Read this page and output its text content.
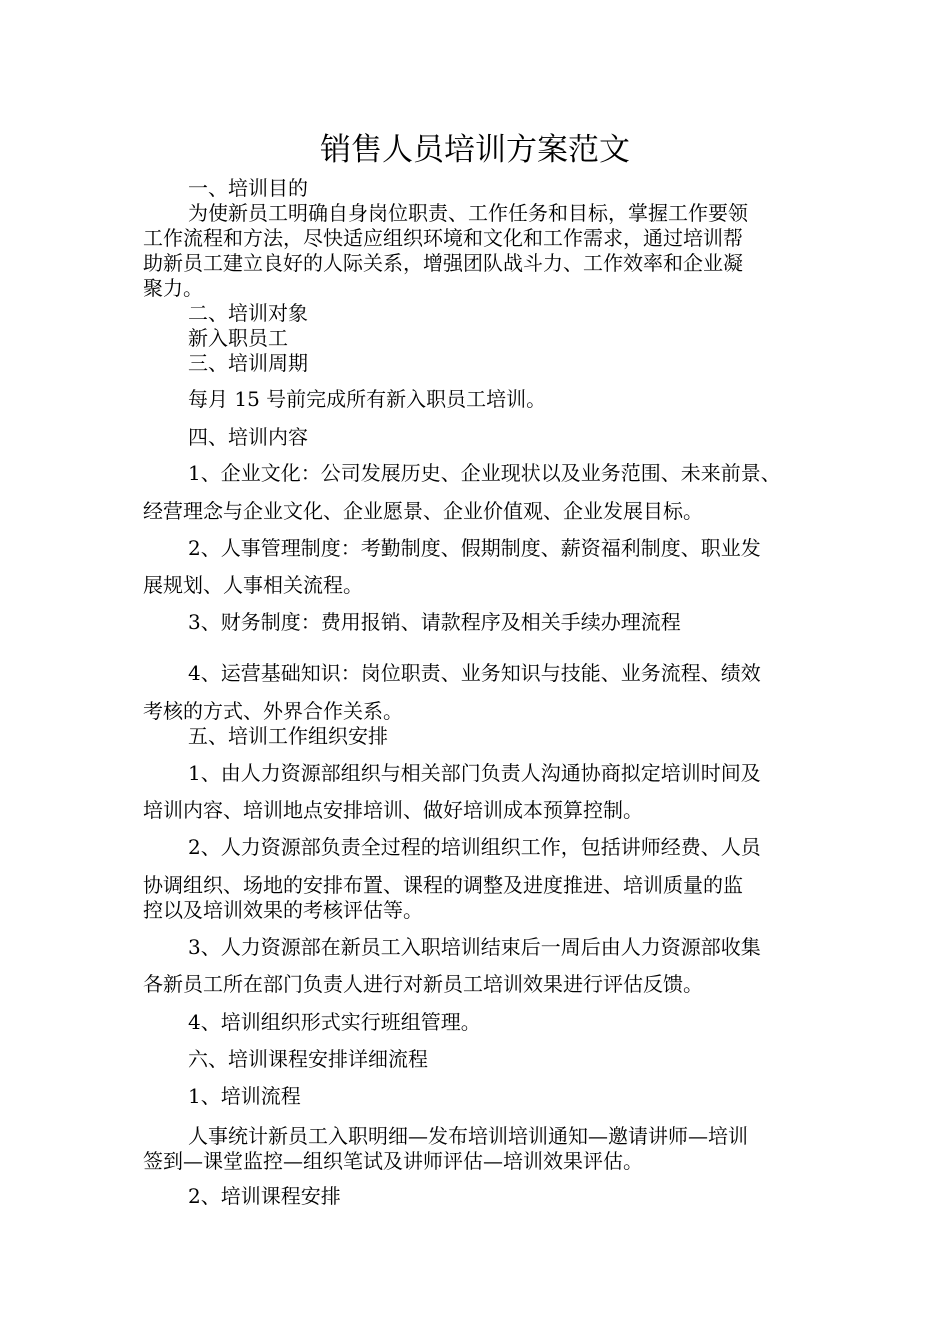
销售人员培训方案范文
一、培训目的
为使新员工明确自身岗位职责、工作任务和目标，掌握工作要领
工作流程和方法，尽快适应组织环境和文化和工作需求，通过培训帮
助新员工建立良好的人际关系，增强团队战斗力、工作效率和企业凝
聚力。
二、培训对象
新入职员工
三、培训周期
每月 15 号前完成所有新入职员工培训。
四、培训内容
1、企业文化：公司发展历史、企业现状以及业务范围、未来前景、
经营理念与企业文化、企业愿景、企业价值观、企业发展目标。
2、人事管理制度：考勤制度、假期制度、薪资福利制度、职业发
展规划、人事相关流程。
3、财务制度：费用报销、请款程序及相关手续办理流程
4、运营基础知识：岗位职责、业务知识与技能、业务流程、绩效
考核的方式、外界合作关系。
五、培训工作组织安排
1、由人力资源部组织与相关部门负责人沟通协商拟定培训时间及
培训内容、培训地点安排培训、做好培训成本预算控制。
2、人力资源部负责全过程的培训组织工作，包括讲师经费、人员
协调组织、场地的安排布置、课程的调整及进度推进、培训质量的监
控以及培训效果的考核评估等。
3、人力资源部在新员工入职培训结束后一周后由人力资源部收集
各新员工所在部门负责人进行对新员工培训效果进行评估反馈。
4、培训组织形式实行班组管理。
六、培训课程安排详细流程
1、培训流程
人事统计新员工入职明细—发布培训培训通知—邀请讲师—培训
签到—课堂监控—组织笔试及讲师评估—培训效果评估。
2、培训课程安排
